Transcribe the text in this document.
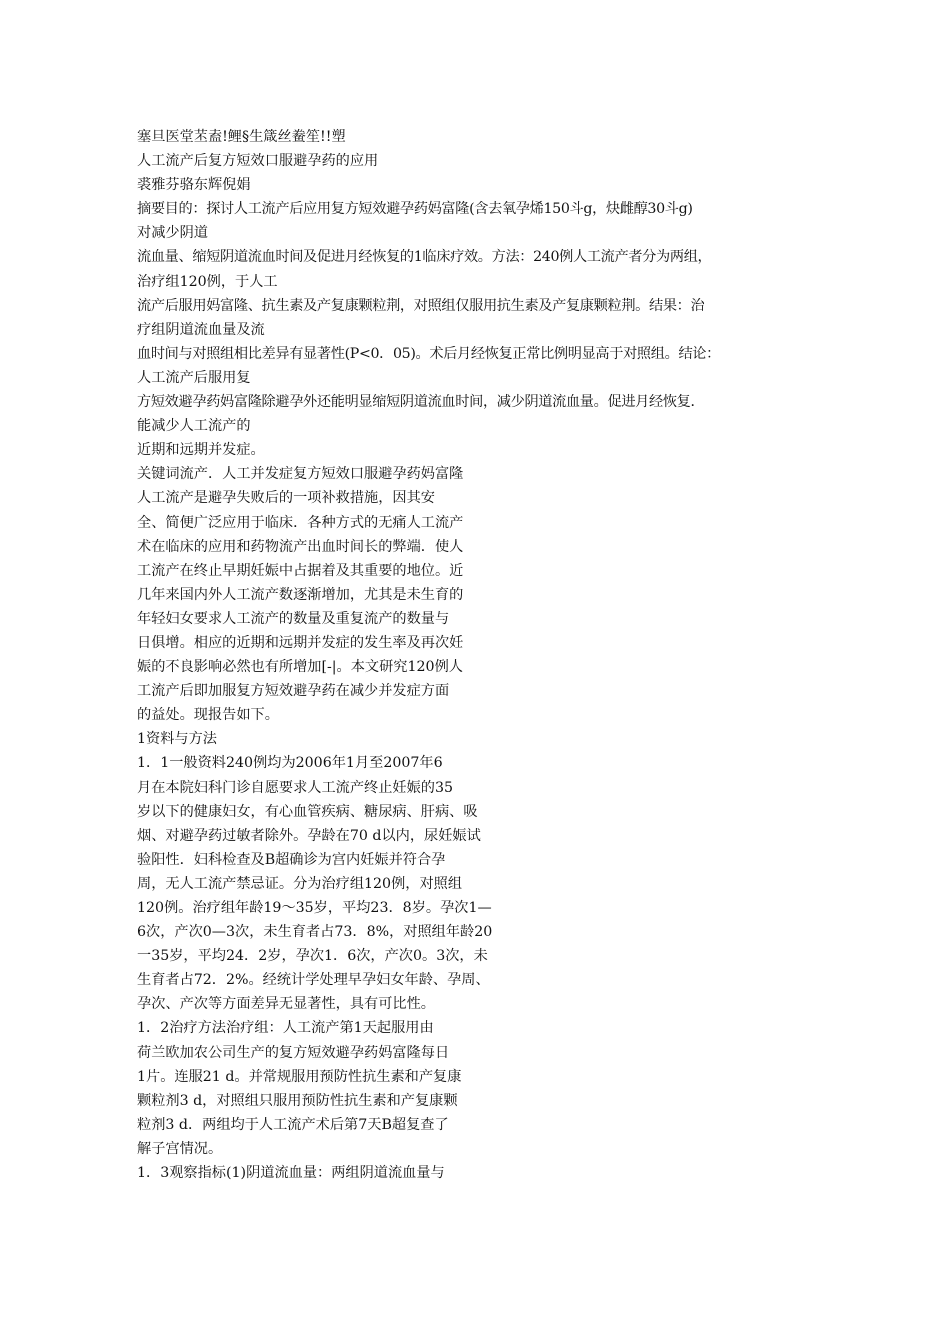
塞旦医堂苤盍!鲤§生箴丝鲞笙!!塑
人工流产后复方短效口服避孕药的应用
裘雅芬骆东辉倪娟
摘要目的：探讨人工流产后应用复方短效避孕药妈富隆(含去氧孕烯150斗g，炔雌醇30斗g)
对减少阴道
流血量、缩短阴道流血时间及促进月经恢复的1临床疗效。方法：240例人工流产者分为两组，
治疗组120例，于人工
流产后服用妈富隆、抗生素及产复康颗粒荆，对照组仅服用抗生素及产复康颗粒荆。结果：治
疗组阴道流血量及流
血时间与对照组相比差异有显著性(P<0．05)。术后月经恢复正常比例明显高于对照组。结论：
人工流产后服用复
方短效避孕药妈富隆除避孕外还能明显缩短阴道流血时间，减少阴道流血量。促进月经恢复．
能减少人工流产的
近期和远期并发症。
关键词流产．人工并发症复方短效口服避孕药妈富隆
人工流产是避孕失败后的一项补救措施，因其安
全、简便广泛应用于临床．各种方式的无痛人工流产
术在临床的应用和药物流产出血时间长的弊端．使人
工流产在终止早期妊娠中占据着及其重要的地位。近
几年来国内外人工流产数逐渐增加，尤其是未生育的
年轻妇女要求人工流产的数量及重复流产的数量与
日俱增。相应的近期和远期并发症的发生率及再次妊
娠的不良影响必然也有所增加[-|。本文研究120例人
工流产后即加服复方短效避孕药在减少并发症方面
的益处。现报告如下。
1资料与方法
1．1一般资料240例均为2006年1月至2007年6
月在本院妇科门诊自愿要求人工流产终止妊娠的35
岁以下的健康妇女，有心血管疾病、糖尿病、肝病、吸
烟、对避孕药过敏者除外。孕龄在70 d以内，尿妊娠试
验阳性．妇科检查及B超确诊为宫内妊娠并符合孕
周，无人工流产禁忌证。分为治疗组120例，对照组
120例。治疗组年龄19～35岁，平均23．8岁。孕次1—
6次，产次0—3次，未生育者占73．8%，对照组年龄20
一35岁，平均24．2岁，孕次1．6次，产次0。3次，未
生育者占72．2%。经统计学处理早孕妇女年龄、孕周、
孕次、产次等方面差异无显著性，具有可比性。
1．2治疗方法治疗组：人工流产第1天起服用由
荷兰欧加农公司生产的复方短效避孕药妈富隆每日
1片。连服21 d。并常规服用预防性抗生素和产复康
颗粒剂3 d，对照组只服用预防性抗生素和产复康颗
粒剂3 d．两组均于人工流产术后第7天B超复查了
解子宫情况。
1．3观察指标(1)阴道流血量：两组阴道流血量与
